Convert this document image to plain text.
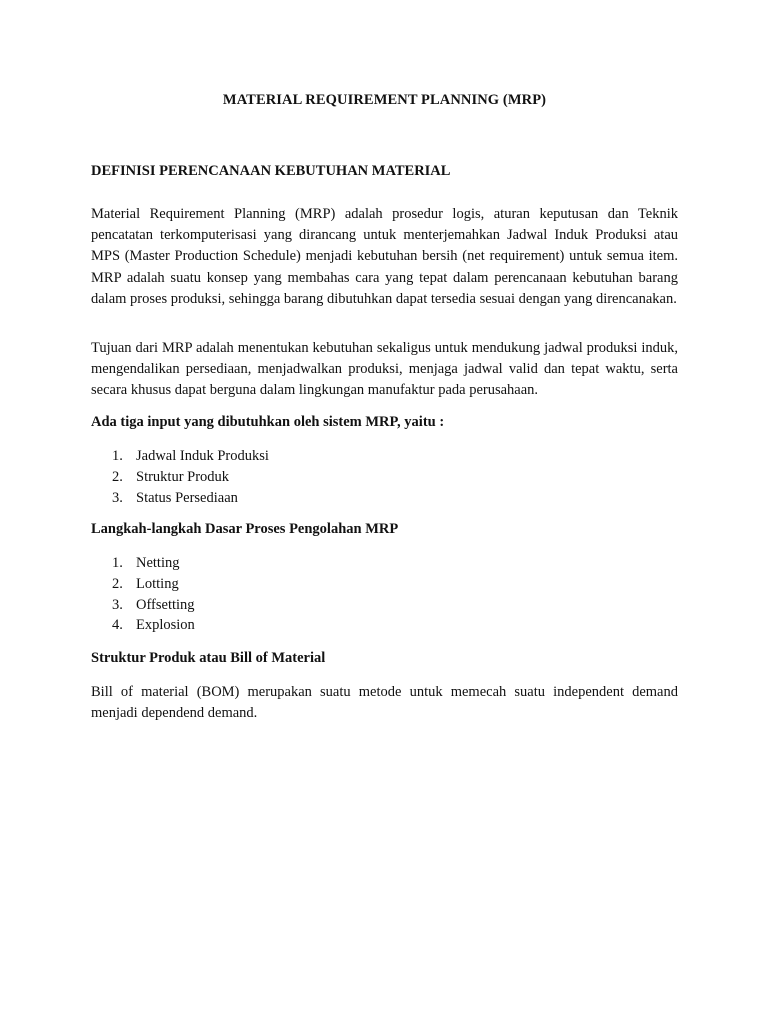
MATERIAL REQUIREMENT PLANNING (MRP)
DEFINISI PERENCANAAN KEBUTUHAN MATERIAL

Material Requirement Planning (MRP) adalah prosedur logis, aturan keputusan dan Teknik pencatatan terkomputerisasi yang dirancang untuk menterjemahkan Jadwal Induk Produksi atau MPS (Master Production Schedule) menjadi kebutuhan bersih (net requirement) untuk semua item. MRP adalah suatu konsep yang membahas cara yang tepat dalam perencanaan kebutuhan barang dalam proses produksi, sehingga barang dibutuhkan dapat tersedia sesuai dengan yang direncanakan.

Tujuan dari MRP adalah menentukan kebutuhan sekaligus untuk mendukung jadwal produksi induk, mengendalikan persediaan, menjadwalkan produksi, menjaga jadwal valid dan tepat waktu, serta secara khusus dapat berguna dalam lingkungan manufaktur pada perusahaan.

Ada tiga input yang dibutuhkan oleh sistem MRP, yaitu :
1. Jadwal Induk Produksi
2. Struktur Produk
3. Status Persediaan
Langkah-langkah Dasar Proses Pengolahan MRP
1. Netting
2. Lotting
3. Offsetting
4. Explosion
Struktur Produk atau Bill of Material

Bill of material (BOM) merupakan suatu metode untuk memecah suatu independent demand menjadi dependend demand.
